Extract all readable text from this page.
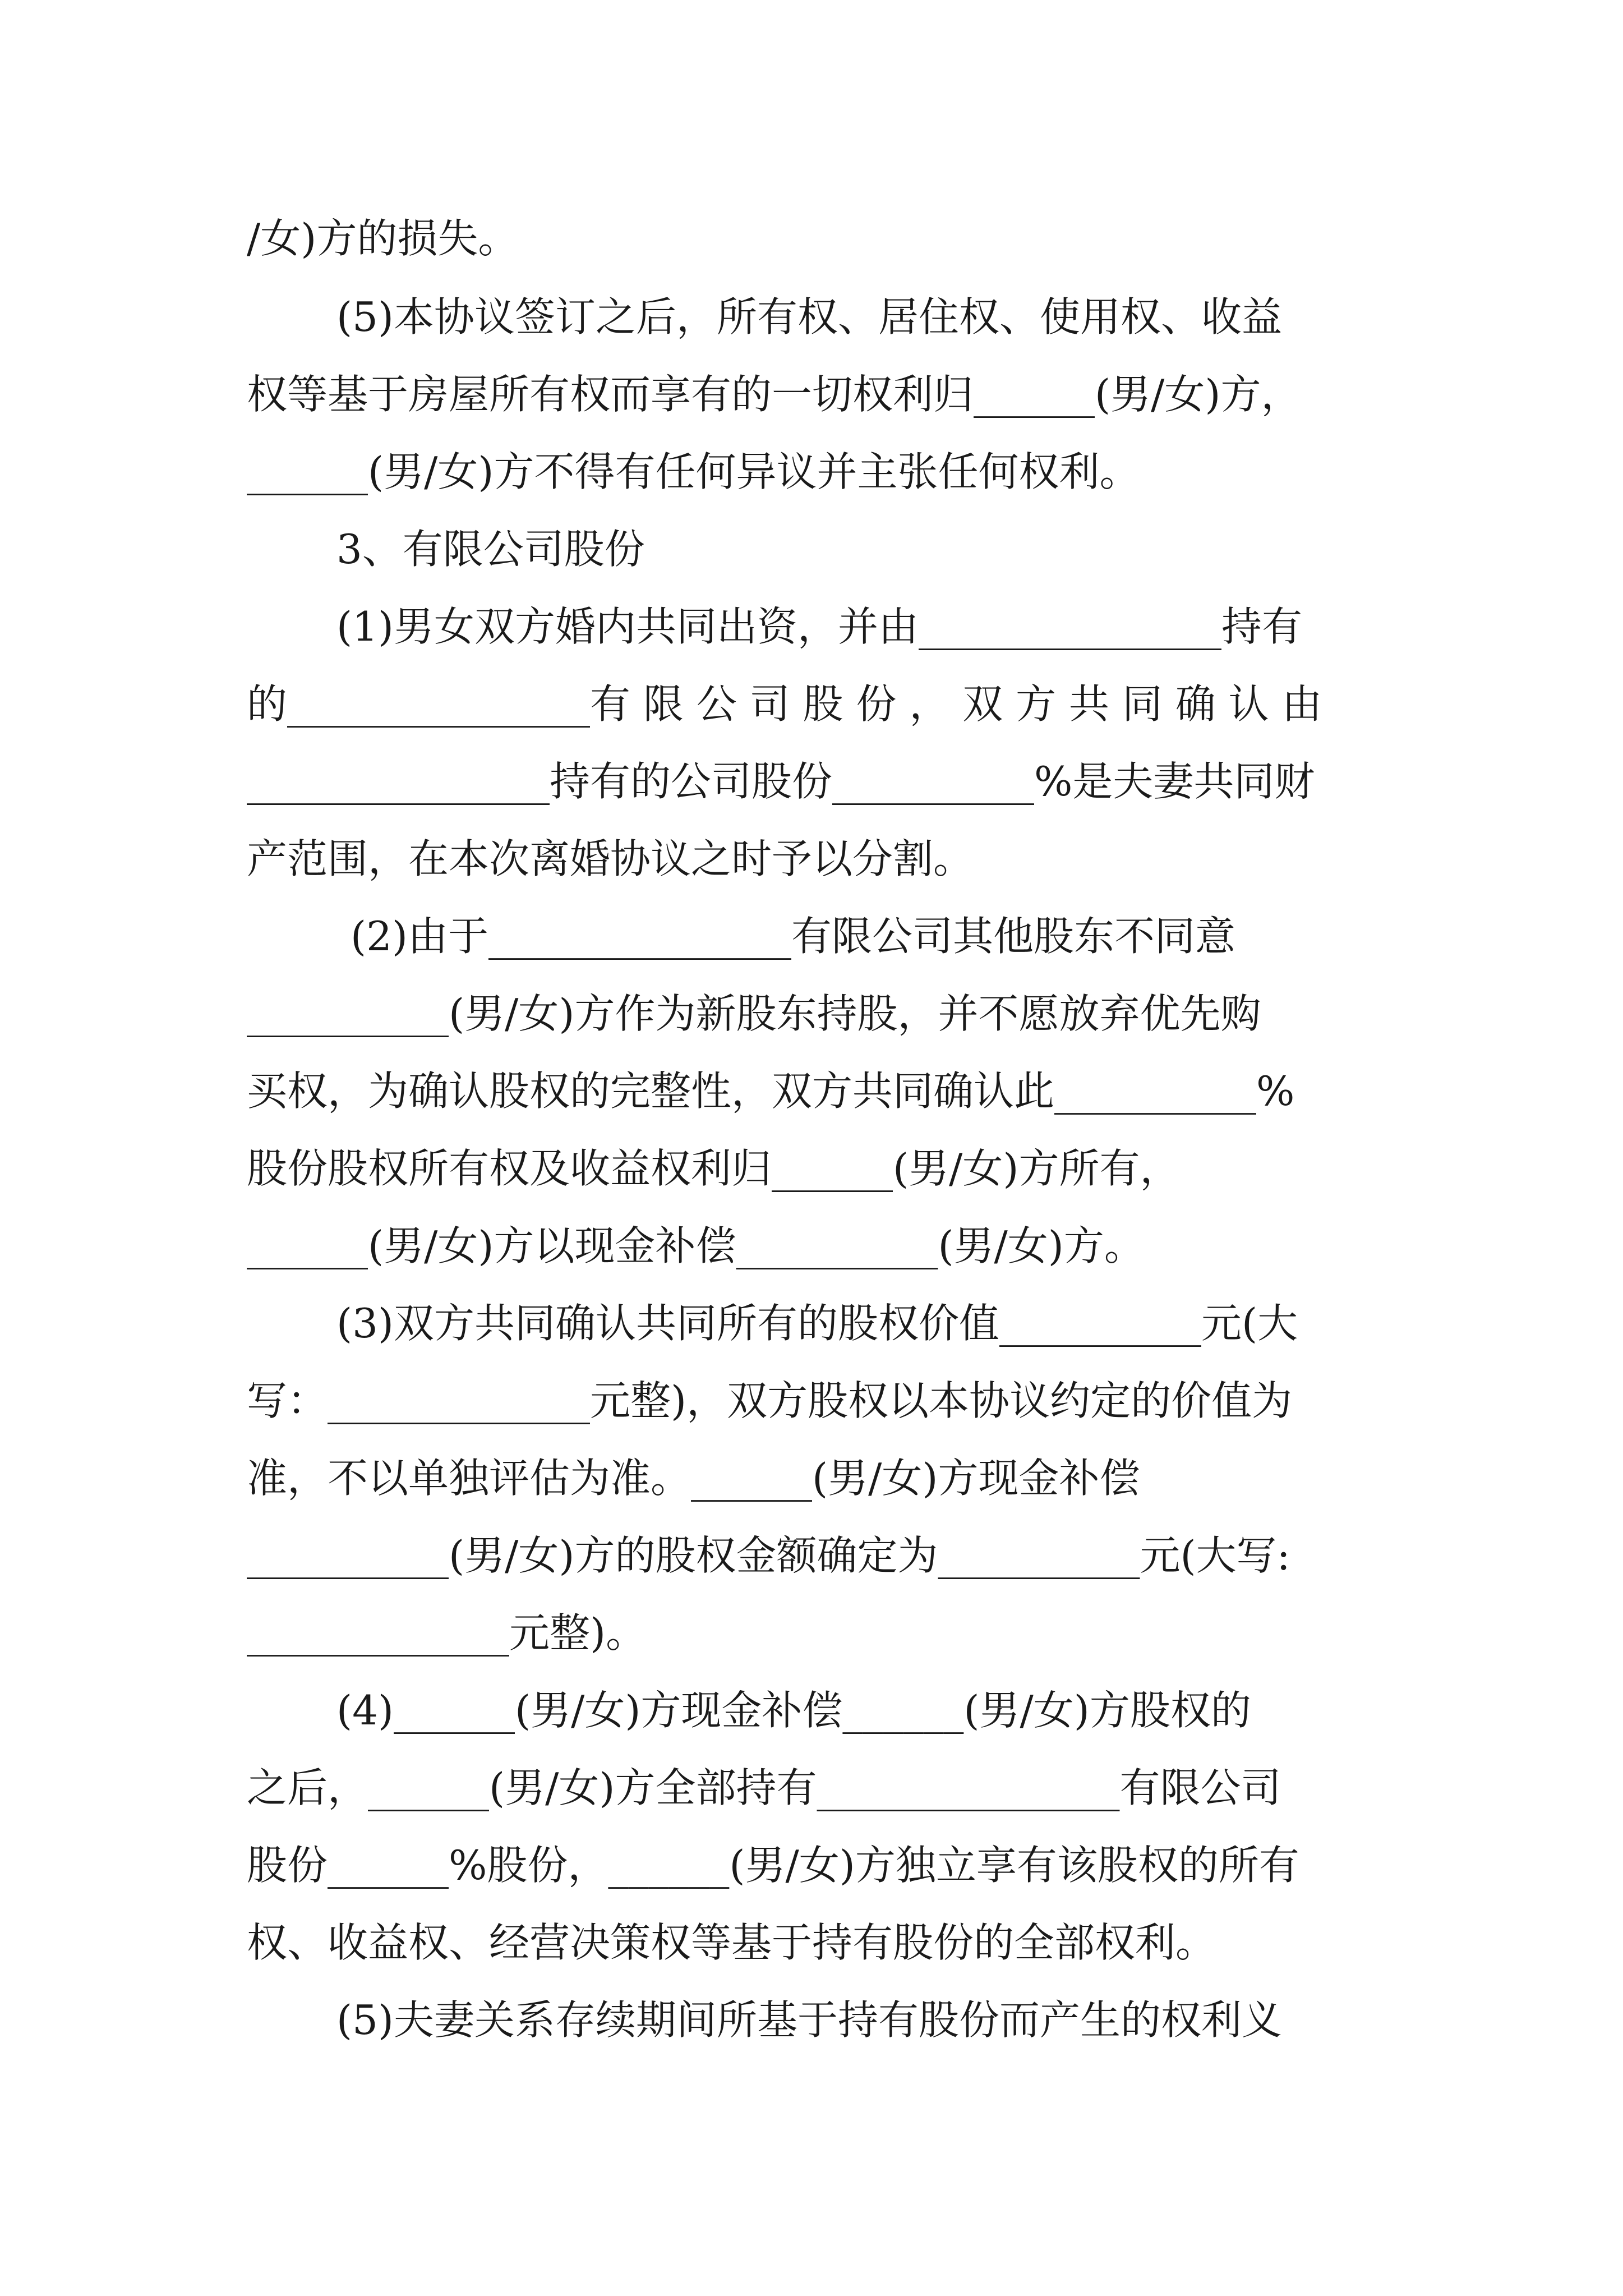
/女)方的损失。
(5)本协议签订之后，所有权、居住权、使用权、收益
权等基于房屋所有权而享有的一切权利归______(男/女)方，
______(男/女)方不得有任何异议并主张任何权利。
3、有限公司股份
(1)男女双方婚内共同出资，并由_______________持有
的_______________有 限 公 司 股 份 ， 双 方 共 同 确 认 由
_______________持有的公司股份__________%是夫妻共同财
产范围，在本次离婚协议之时予以分割。
(2)由于_______________有限公司其他股东不同意
__________(男/女)方作为新股东持股，并不愿放弃优先购
买权，为确认股权的完整性，双方共同确认此__________%
股份股权所有权及收益权利归______(男/女)方所有，
______(男/女)方以现金补偿__________(男/女)方。
(3)双方共同确认共同所有的股权价值__________元(大
写：_____________元整)，双方股权以本协议约定的价值为
准，不以单独评估为准。______(男/女)方现金补偿
__________(男/女)方的股权金额确定为__________元(大写:
_____________元整)。
(4)______(男/女)方现金补偿______(男/女)方股权的
之后，______(男/女)方全部持有_______________有限公司
股份______%股份，______(男/女)方独立享有该股权的所有
权、收益权、经营决策权等基于持有股份的全部权利。
(5)夫妻关系存续期间所基于持有股份而产生的权利义
